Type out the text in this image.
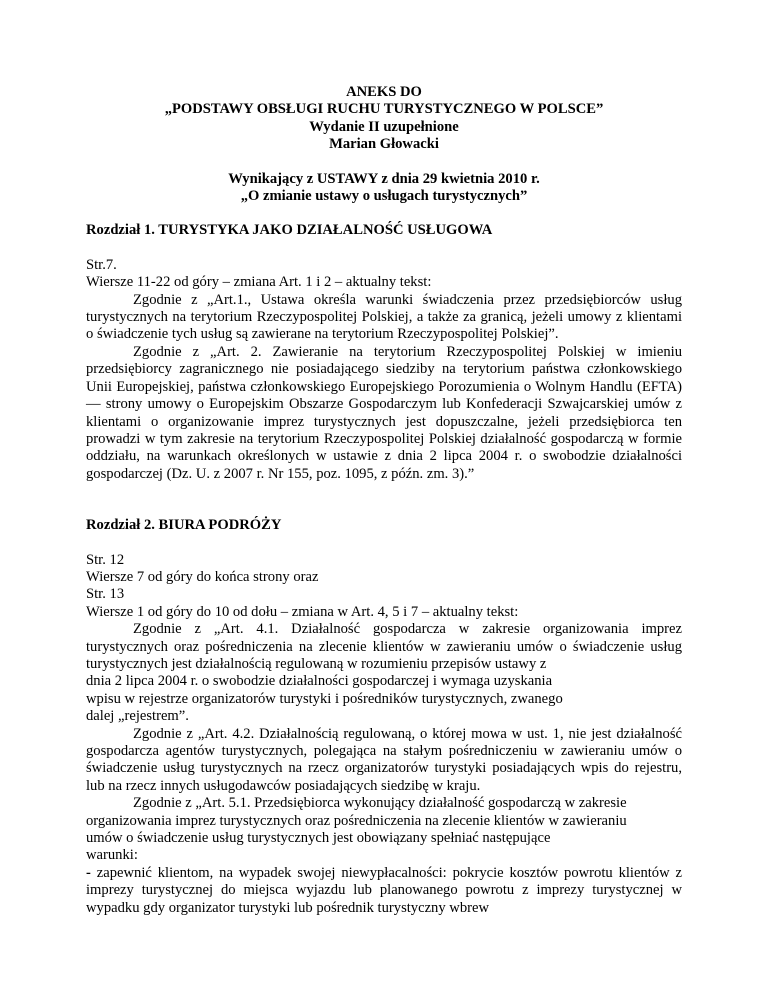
ANEKS DO
„PODSTAWY OBSŁUGI RUCHU TURYSTYCZNEGO W POLSCE”
Wydanie II uzupełnione
Marian Głowacki
Wynikający z USTAWY z dnia 29 kwietnia 2010 r.
„O zmianie ustawy o usługach turystycznych”
Rozdział 1. TURYSTYKA JAKO DZIAŁALNOŚĆ USŁUGOWA
Str.7.
Wiersze 11-22 od góry – zmiana Art. 1 i 2 – aktualny tekst:

Zgodnie z „Art.1., Ustawa określa warunki świadczenia przez przedsiębiorców usług turystycznych na terytorium Rzeczypospolitej Polskiej, a także za granicą, jeżeli umowy z klientami o świadczenie tych usług są zawierane na terytorium Rzeczypospolitej Polskiej”.

Zgodnie z „Art. 2. Zawieranie na terytorium Rzeczypospolitej Polskiej w imieniu przedsiębiorcy zagranicznego nie posiadającego siedziby na terytorium państwa członkowskiego Unii Europejskiej, państwa członkowskiego Europejskiego Porozumienia o Wolnym Handlu (EFTA) — strony umowy o Europejskim Obszarze Gospodarczym lub Konfederacji Szwajcarskiej umów z klientami o organizowanie imprez turystycznych jest dopuszczalne, jeżeli przedsiębiorca ten prowadzi w tym zakresie na terytorium Rzeczypospolitej Polskiej działalność gospodarczą w formie oddziału, na warunkach określonych w ustawie z dnia 2 lipca 2004 r. o swobodzie działalności gospodarczej (Dz. U. z 2007 r. Nr 155, poz. 1095, z późn. zm. 3).”

Rozdział 2. BIURA PODRÓŻY
Str. 12
Wiersze 7 od góry do końca strony oraz
Str. 13
Wiersze 1 od góry do 10 od dołu – zmiana w Art. 4, 5 i 7 – aktualny tekst:

Zgodnie z „Art. 4.1. Działalność gospodarcza w zakresie organizowania imprez turystycznych oraz pośredniczenia na zlecenie klientów w zawieraniu umów o świadczenie usług turystycznych jest działalnością regulowaną w rozumieniu przepisów ustawy z

dnia 2 lipca 2004 r. o swobodzie działalności gospodarczej i wymaga uzyskania
wpisu w rejestrze organizatorów turystyki i pośredników turystycznych, zwanego
dalej „rejestrem”.

Zgodnie z „Art. 4.2. Działalnością regulowaną, o której mowa w ust. 1, nie jest działalność gospodarcza agentów turystycznych, polegająca na stałym pośredniczeniu w zawieraniu umów o świadczenie usług turystycznych na rzecz organizatorów turystyki posiadających wpis do rejestru, lub na rzecz innych usługodawców posiadających siedzibę w kraju.

Zgodnie z „Art. 5.1. Przedsiębiorca wykonujący działalność gospodarczą w zakresie

organizowania imprez turystycznych oraz pośredniczenia na zlecenie klientów w zawieraniu
umów o świadczenie usług turystycznych jest obowiązany spełniać następujące
warunki:

- zapewnić klientom, na wypadek swojej niewypłacalności: pokrycie kosztów powrotu klientów z imprezy turystycznej do miejsca wyjazdu lub planowanego powrotu z imprezy turystycznej w wypadku gdy organizator turystyki lub pośrednik turystyczny wbrew
